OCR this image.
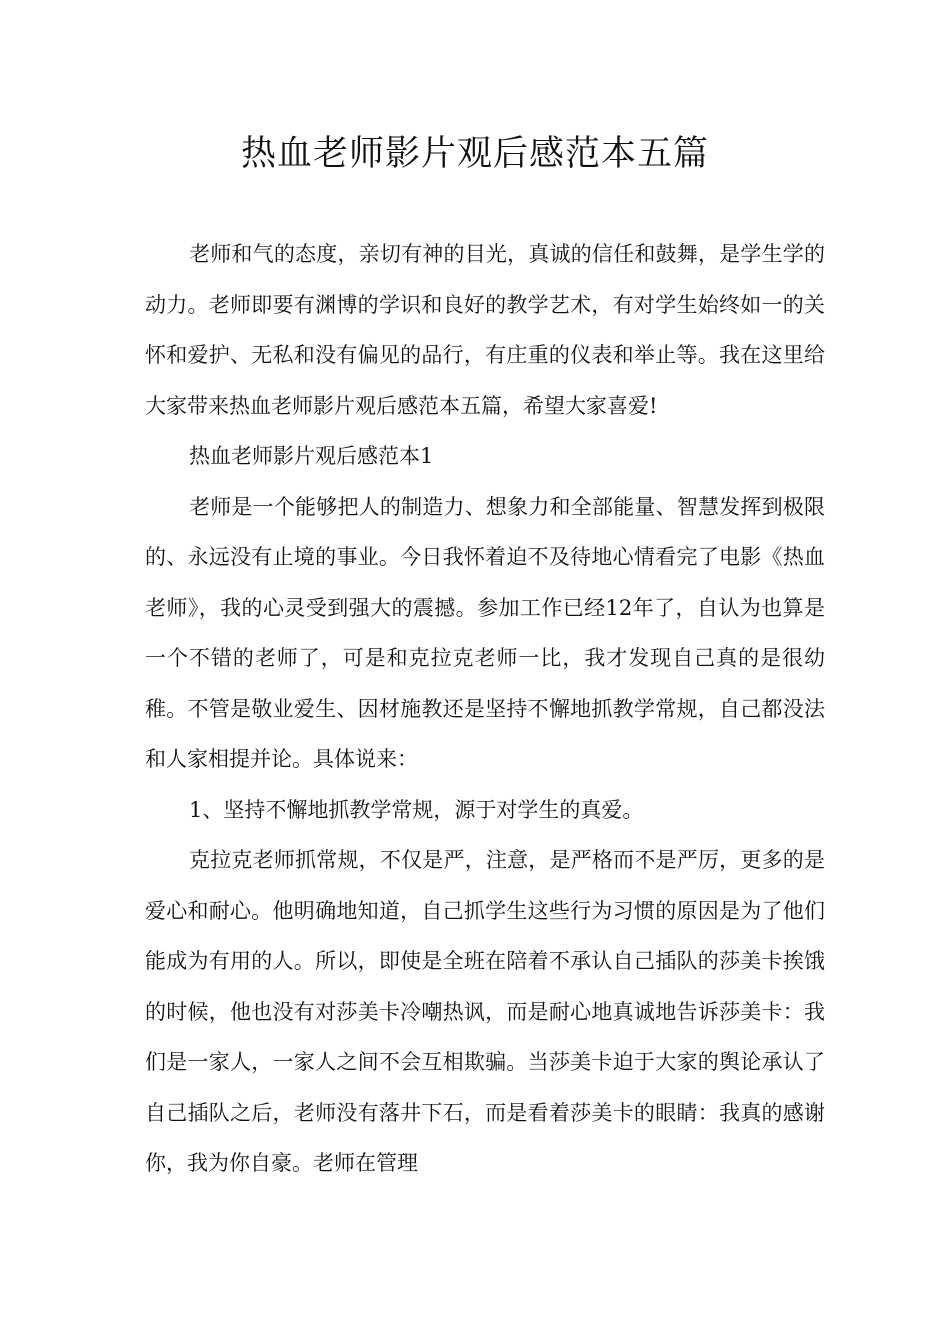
热血老师影片观后感范本五篇

老师和气的态度，亲切有神的目光，真诚的信任和鼓舞，是学生学的动力。老师即要有渊博的学识和良好的教学艺术，有对学生始终如一的关怀和爱护、无私和没有偏见的品行，有庄重的仪表和举止等。我在这里给大家带来热血老师影片观后感范本五篇，希望大家喜爱!

热血老师影片观后感范本1

老师是一个能够把人的制造力、想象力和全部能量、智慧发挥到极限的、永远没有止境的事业。今日我怀着迫不及待地心情看完了电影《热血老师》，我的心灵受到强大的震撼。参加工作已经12年了，自认为也算是一个不错的老师了，可是和克拉克老师一比，我才发现自己真的是很幼稚。不管是敬业爱生、因材施教还是坚持不懈地抓教学常规，自己都没法和人家相提并论。具体说来：

1、坚持不懈地抓教学常规，源于对学生的真爱。

克拉克老师抓常规，不仅是严，注意，是严格而不是严厉，更多的是爱心和耐心。他明确地知道，自己抓学生这些行为习惯的原因是为了他们能成为有用的人。所以，即使是全班在陪着不承认自己插队的莎美卡挨饿的时候，他也没有对莎美卡冷嘲热讽，而是耐心地真诚地告诉莎美卡：我们是一家人，一家人之间不会互相欺骗。当莎美卡迫于大家的舆论承认了自己插队之后，老师没有落井下石，而是看着莎美卡的眼睛：我真的感谢你，我为你自豪。老师在管理
